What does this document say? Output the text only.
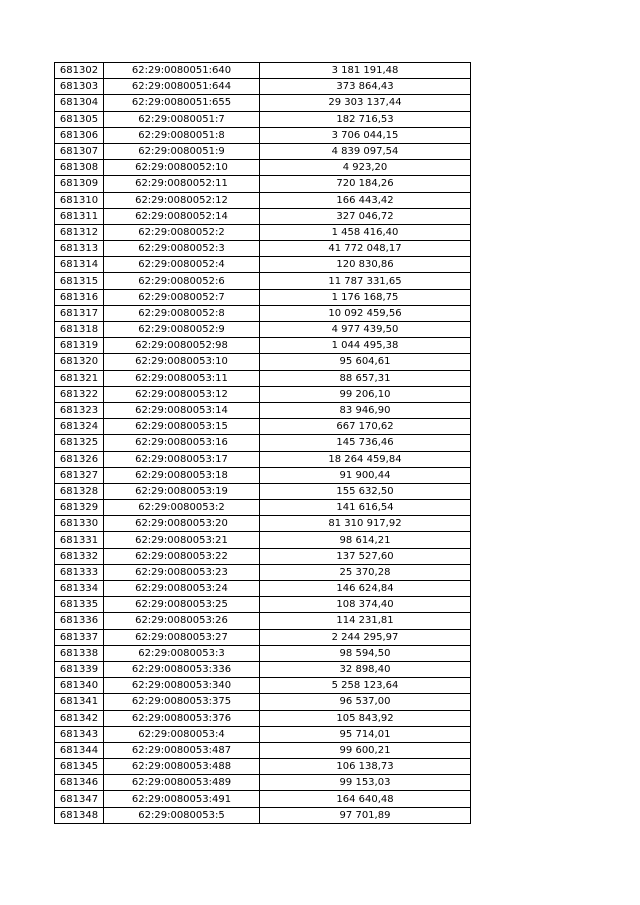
681302	62:29:0080051:640	3 181 191,48
681303	62:29:0080051:644	373 864,43
681304	62:29:0080051:655	29 303 137,44
681305	62:29:0080051:7	182 716,53
681306	62:29:0080051:8	3 706 044,15
681307	62:29:0080051:9	4 839 097,54
681308	62:29:0080052:10	4 923,20
681309	62:29:0080052:11	720 184,26
681310	62:29:0080052:12	166 443,42
681311	62:29:0080052:14	327 046,72
681312	62:29:0080052:2	1 458 416,40
681313	62:29:0080052:3	41 772 048,17
681314	62:29:0080052:4	120 830,86
681315	62:29:0080052:6	11 787 331,65
681316	62:29:0080052:7	1 176 168,75
681317	62:29:0080052:8	10 092 459,56
681318	62:29:0080052:9	4 977 439,50
681319	62:29:0080052:98	1 044 495,38
681320	62:29:0080053:10	95 604,61
681321	62:29:0080053:11	88 657,31
681322	62:29:0080053:12	99 206,10
681323	62:29:0080053:14	83 946,90
681324	62:29:0080053:15	667 170,62
681325	62:29:0080053:16	145 736,46
681326	62:29:0080053:17	18 264 459,84
681327	62:29:0080053:18	91 900,44
681328	62:29:0080053:19	155 632,50
681329	62:29:0080053:2	141 616,54
681330	62:29:0080053:20	81 310 917,92
681331	62:29:0080053:21	98 614,21
681332	62:29:0080053:22	137 527,60
681333	62:29:0080053:23	25 370,28
681334	62:29:0080053:24	146 624,84
681335	62:29:0080053:25	108 374,40
681336	62:29:0080053:26	114 231,81
681337	62:29:0080053:27	2 244 295,97
681338	62:29:0080053:3	98 594,50
681339	62:29:0080053:336	32 898,40
681340	62:29:0080053:340	5 258 123,64
681341	62:29:0080053:375	96 537,00
681342	62:29:0080053:376	105 843,92
681343	62:29:0080053:4	95 714,01
681344	62:29:0080053:487	99 600,21
681345	62:29:0080053:488	106 138,73
681346	62:29:0080053:489	99 153,03
681347	62:29:0080053:491	164 640,48
681348	62:29:0080053:5	97 701,89
